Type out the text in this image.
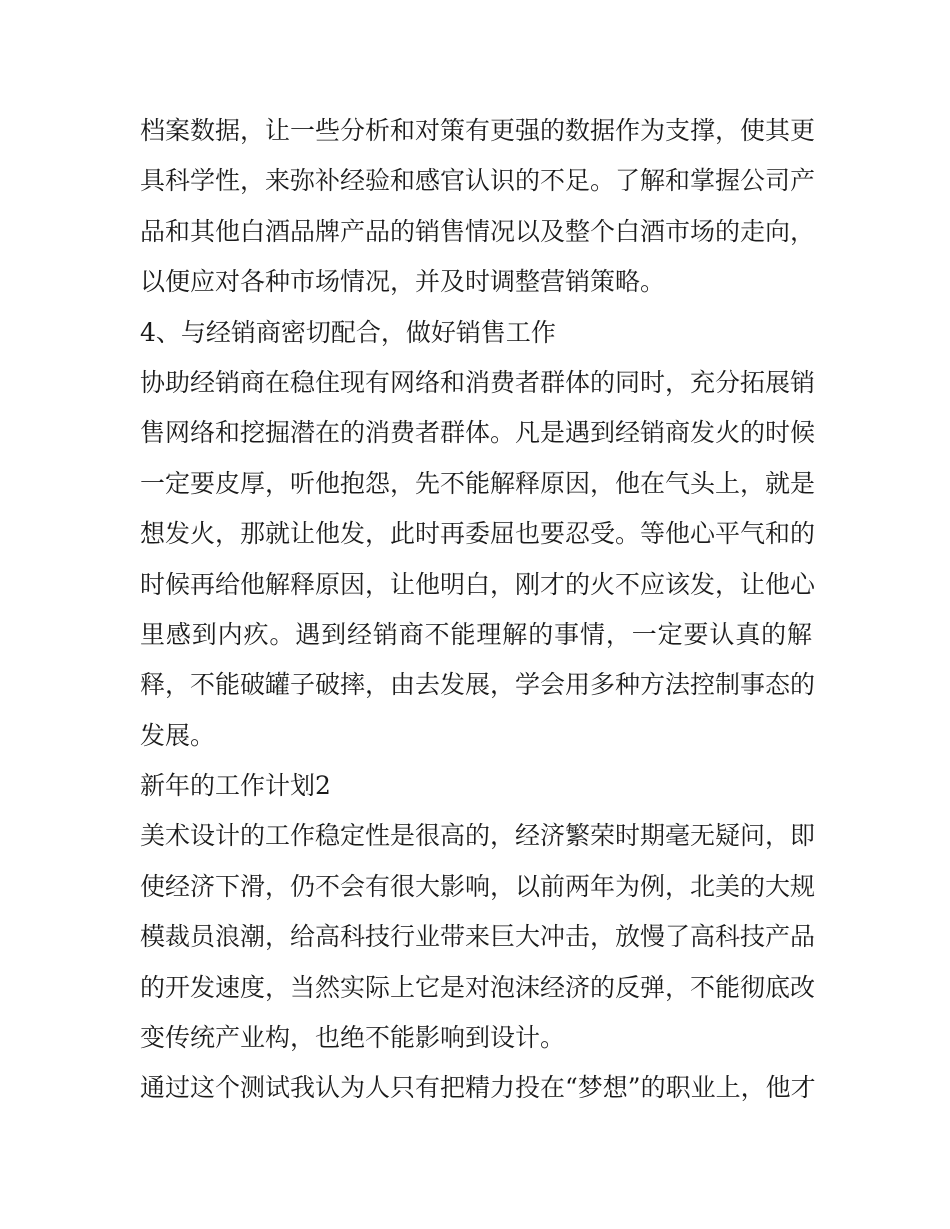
档案数据，让一些分析和对策有更强的数据作为支撑，使其更
具科学性，来弥补经验和感官认识的不足。了解和掌握公司产
品和其他白酒品牌产品的销售情况以及整个白酒市场的走向，
以便应对各种市场情况，并及时调整营销策略。
4、与经销商密切配合，做好销售工作
协助经销商在稳住现有网络和消费者群体的同时，充分拓展销
售网络和挖掘潜在的消费者群体。凡是遇到经销商发火的时候
一定要皮厚，听他抱怨，先不能解释原因，他在气头上，就是
想发火，那就让他发，此时再委屈也要忍受。等他心平气和的
时候再给他解释原因，让他明白，刚才的火不应该发，让他心
里感到内疚。遇到经销商不能理解的事情，一定要认真的解
释，不能破罐子破摔，由去发展，学会用多种方法控制事态的
发展。
新年的工作计划2
美术设计的工作稳定性是很高的，经济繁荣时期毫无疑问，即
使经济下滑，仍不会有很大影响，以前两年为例，北美的大规
模裁员浪潮，给高科技行业带来巨大冲击，放慢了高科技产品
的开发速度，当然实际上它是对泡沫经济的反弹，不能彻底改
变传统产业构，也绝不能影响到设计。
通过这个测试我认为人只有把精力投在“梦想”的职业上，他才
